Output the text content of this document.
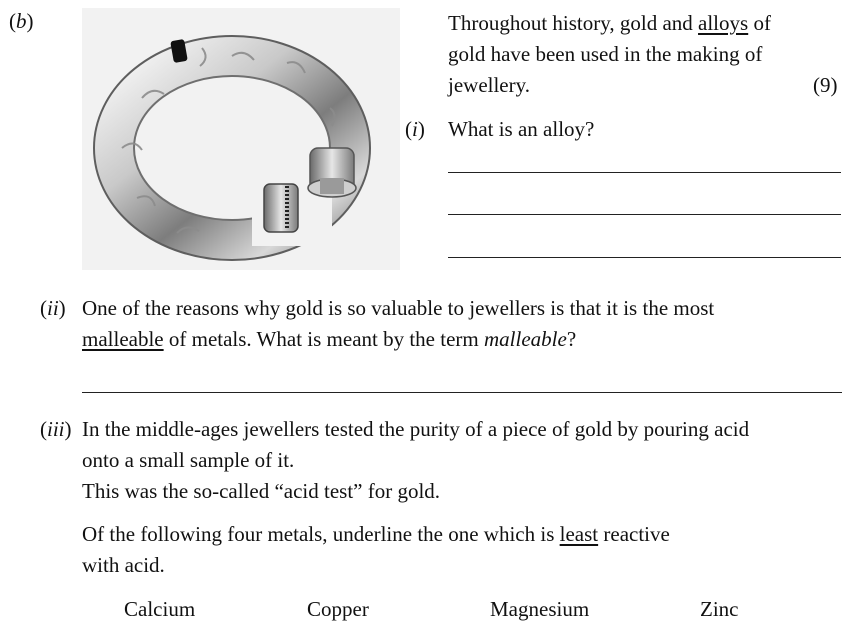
(b)	Throughout history, gold and alloys of
gold have been used in the making of
jewellery.	(9)
(i) What is an alloy?
(ii) One of the reasons why gold is so valuable to jewellers is that it is the most
malleable of metals. What is meant by the term malleable?
(iii) In the middle-ages jewellers tested the purity of a piece of gold by pouring acid
onto a small sample of it.
This was the so-called “acid test” for gold.
Of the following four metals, underline the one which is least reactive
with acid.
Calcium	Copper	Magnesium	Zinc
